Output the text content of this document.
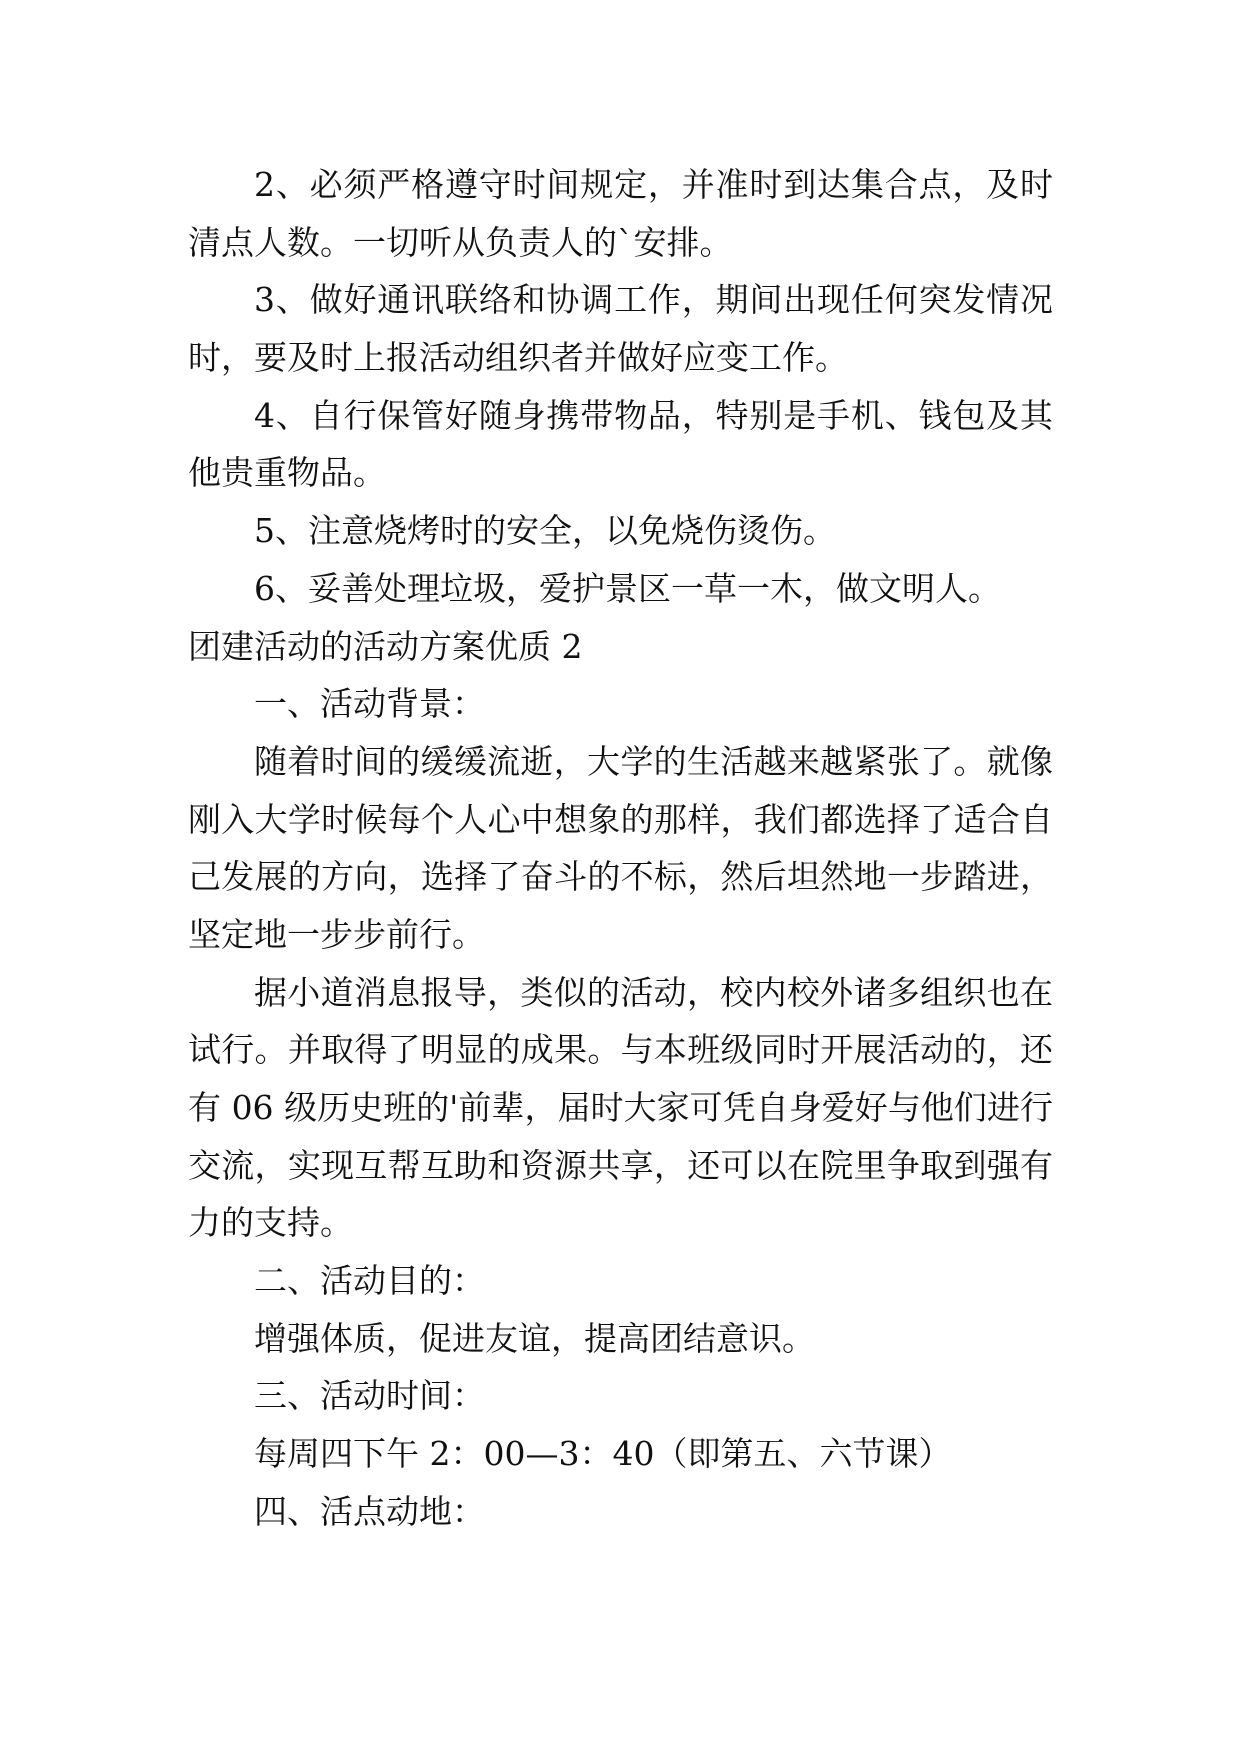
2、必须严格遵守时间规定，并准时到达集合点，及时
清点人数。一切听从负责人的`安排。
3、做好通讯联络和协调工作，期间出现任何突发情况
时，要及时上报活动组织者并做好应变工作。
4、自行保管好随身携带物品，特别是手机、钱包及其
他贵重物品。
5、注意烧烤时的安全，以免烧伤烫伤。
6、妥善处理垃圾，爱护景区一草一木，做文明人。
团建活动的活动方案优质 2
一、活动背景：
随着时间的缓缓流逝，大学的生活越来越紧张了。就像
刚入大学时候每个人心中想象的那样，我们都选择了适合自
己发展的方向，选择了奋斗的不标，然后坦然地一步踏进，
坚定地一步步前行。
据小道消息报导，类似的活动，校内校外诸多组织也在
试行。并取得了明显的成果。与本班级同时开展活动的，还
有 06 级历史班的'前辈，届时大家可凭自身爱好与他们进行
交流，实现互帮互助和资源共享，还可以在院里争取到强有
力的支持。
二、活动目的：
增强体质，促进友谊，提高团结意识。
三、活动时间：
每周四下午 2：00—3：40（即第五、六节课）
四、活点动地：
